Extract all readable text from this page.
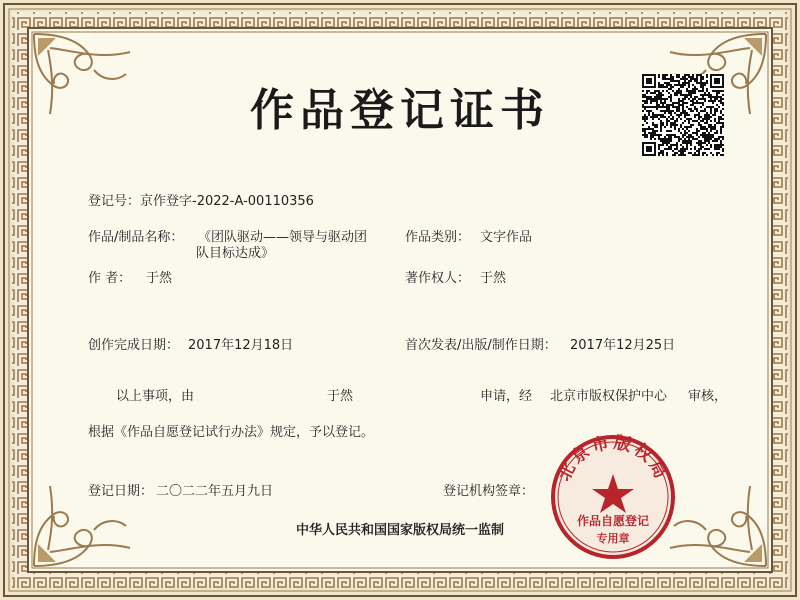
作品登记证书
登记号：京作登字-2022-A-00110356
作品/制品名称： 《团队驱动——领导与驱动团
队目标达成》
作品类别： 文字作品
作 者： 于然	著作权人： 于然
创作完成日期： 2017年12月18日	首次发表/出版/制作日期： 2017年12月25日
以上事项，由	于然	申请，经 北京市版权保护中心 审核，
根据《作品自愿登记试行办法》规定，予以登记。
登记日期： 二〇二二年五月九日	登记机构签章：
北京市版权局
作品自愿登记
专用章
中华人民共和国国家版权局统一监制
